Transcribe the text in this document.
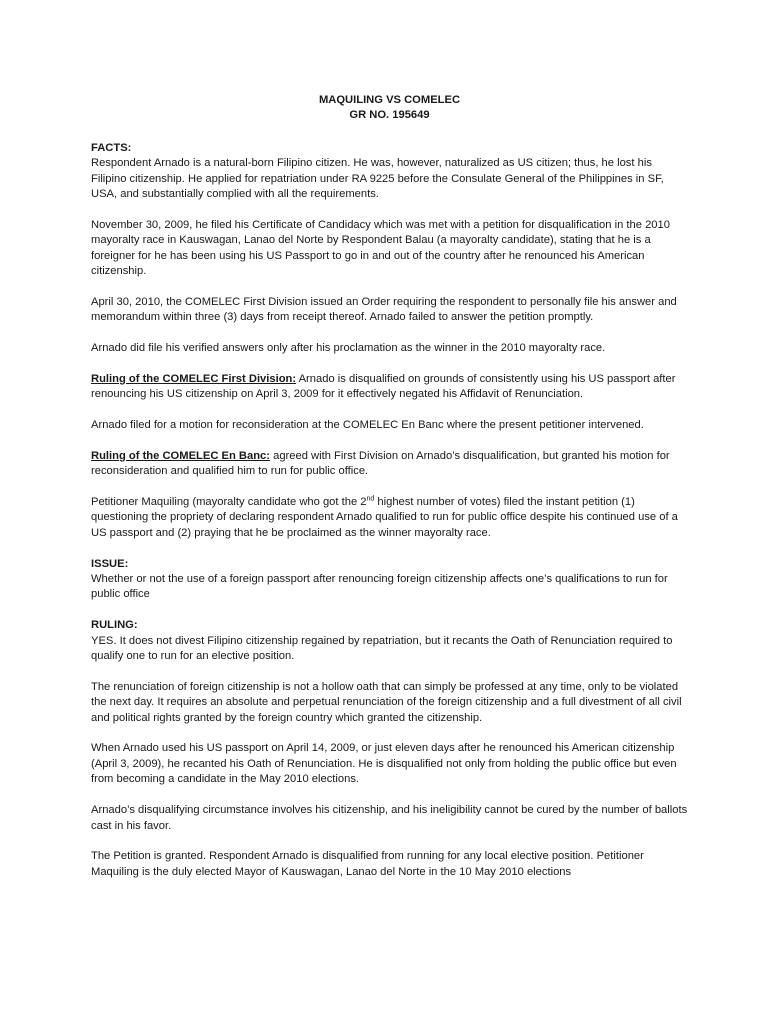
MAQUILING VS COMELEC

GR NO. 195649

FACTS:

Respondent Arnado is a natural-born Filipino citizen. He was, however, naturalized as US citizen; thus, he lost his Filipino citizenship. He applied for repatriation under RA 9225 before the Consulate General of the Philippines in SF, USA, and substantially complied with all the requirements.

November 30, 2009, he filed his Certificate of Candidacy which was met with a petition for disqualification in the 2010 mayoralty race in Kauswagan, Lanao del Norte by Respondent Balau (a mayoralty candidate), stating that he is a foreigner for he has been using his US Passport to go in and out of the country after he renounced his American citizenship.

April 30, 2010, the COMELEC First Division issued an Order requiring the respondent to personally file his answer and memorandum within three (3) days from receipt thereof. Arnado failed to answer the petition promptly.

Arnado did file his verified answers only after his proclamation as the winner in the 2010 mayoralty race.

Ruling of the COMELEC First Division: Arnado is disqualified on grounds of consistently using his US passport after renouncing his US citizenship on April 3, 2009 for it effectively negated his Affidavit of Renunciation.

Arnado filed for a motion for reconsideration at the COMELEC En Banc where the present petitioner intervened.

Ruling of the COMELEC En Banc: agreed with First Division on Arnado’s disqualification, but granted his motion for reconsideration and qualified him to run for public office.

Petitioner Maquiling (mayoralty candidate who got the 2nd highest number of votes) filed the instant petition (1) questioning the propriety of declaring respondent Arnado qualified to run for public office despite his continued use of a US passport and (2) praying that he be proclaimed as the winner mayoralty race.

ISSUE:

Whether or not the use of a foreign passport after renouncing foreign citizenship affects one’s qualifications to run for public office

RULING:

YES. It does not divest Filipino citizenship regained by repatriation, but it recants the Oath of Renunciation required to qualify one to run for an elective position.

The renunciation of foreign citizenship is not a hollow oath that can simply be professed at any time, only to be violated the next day. It requires an absolute and perpetual renunciation of the foreign citizenship and a full divestment of all civil and political rights granted by the foreign country which granted the citizenship.

When Arnado used his US passport on April 14, 2009, or just eleven days after he renounced his American citizenship (April 3, 2009), he recanted his Oath of Renunciation. He is disqualified not only from holding the public office but even from becoming a candidate in the May 2010 elections.

Arnado’s disqualifying circumstance involves his citizenship, and his ineligibility cannot be cured by the number of ballots cast in his favor.

The Petition is granted. Respondent Arnado is disqualified from running for any local elective position. Petitioner Maquiling is the duly elected Mayor of Kauswagan, Lanao del Norte in the 10 May 2010 elections
